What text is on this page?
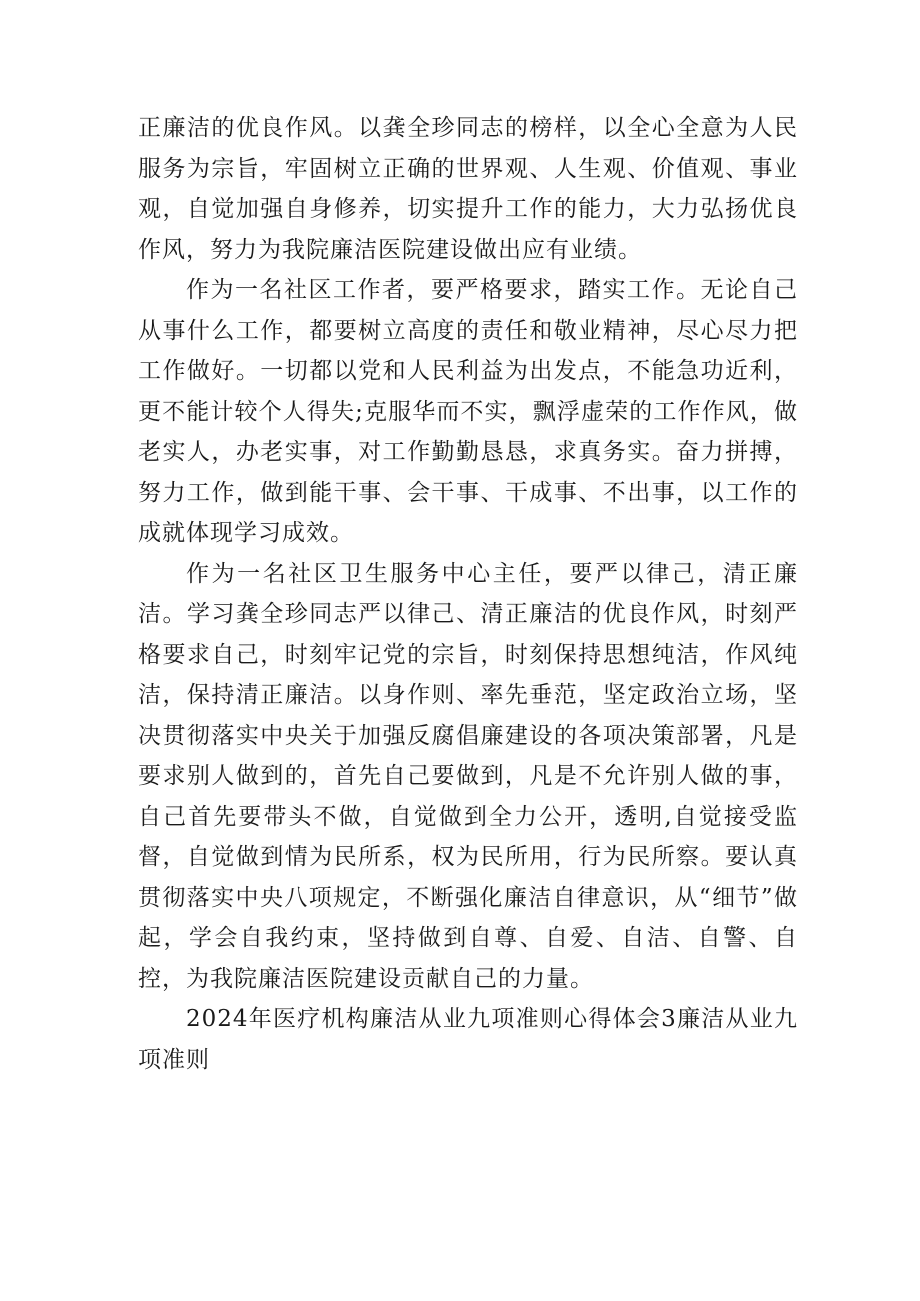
正廉洁的优良作风。以龚全珍同志的榜样，以全心全意为人民服务为宗旨，牢固树立正确的世界观、人生观、价值观、事业观，自觉加强自身修养，切实提升工作的能力，大力弘扬优良作风，努力为我院廉洁医院建设做出应有业绩。

作为一名社区工作者，要严格要求，踏实工作。无论自己从事什么工作，都要树立高度的责任和敬业精神，尽心尽力把工作做好。一切都以党和人民利益为出发点，不能急功近利，更不能计较个人得失;克服华而不实，飘浮虚荣的工作作风，做老实人，办老实事，对工作勤勤恳恳，求真务实。奋力拼搏，努力工作，做到能干事、会干事、干成事、不出事，以工作的成就体现学习成效。

作为一名社区卫生服务中心主任，要严以律己，清正廉洁。学习龚全珍同志严以律己、清正廉洁的优良作风，时刻严格要求自己，时刻牢记党的宗旨，时刻保持思想纯洁，作风纯洁，保持清正廉洁。以身作则、率先垂范，坚定政治立场，坚决贯彻落实中央关于加强反腐倡廉建设的各项决策部署，凡是要求别人做到的，首先自己要做到，凡是不允许别人做的事，自己首先要带头不做，自觉做到全力公开，透明,自觉接受监督，自觉做到情为民所系，权为民所用，行为民所察。要认真贯彻落实中央八项规定，不断强化廉洁自律意识，从“细节”做起，学会自我约束，坚持做到自尊、自爱、自洁、自警、自控，为我院廉洁医院建设贡献自己的力量。

2024年医疗机构廉洁从业九项准则心得体会3廉洁从业九项准则
